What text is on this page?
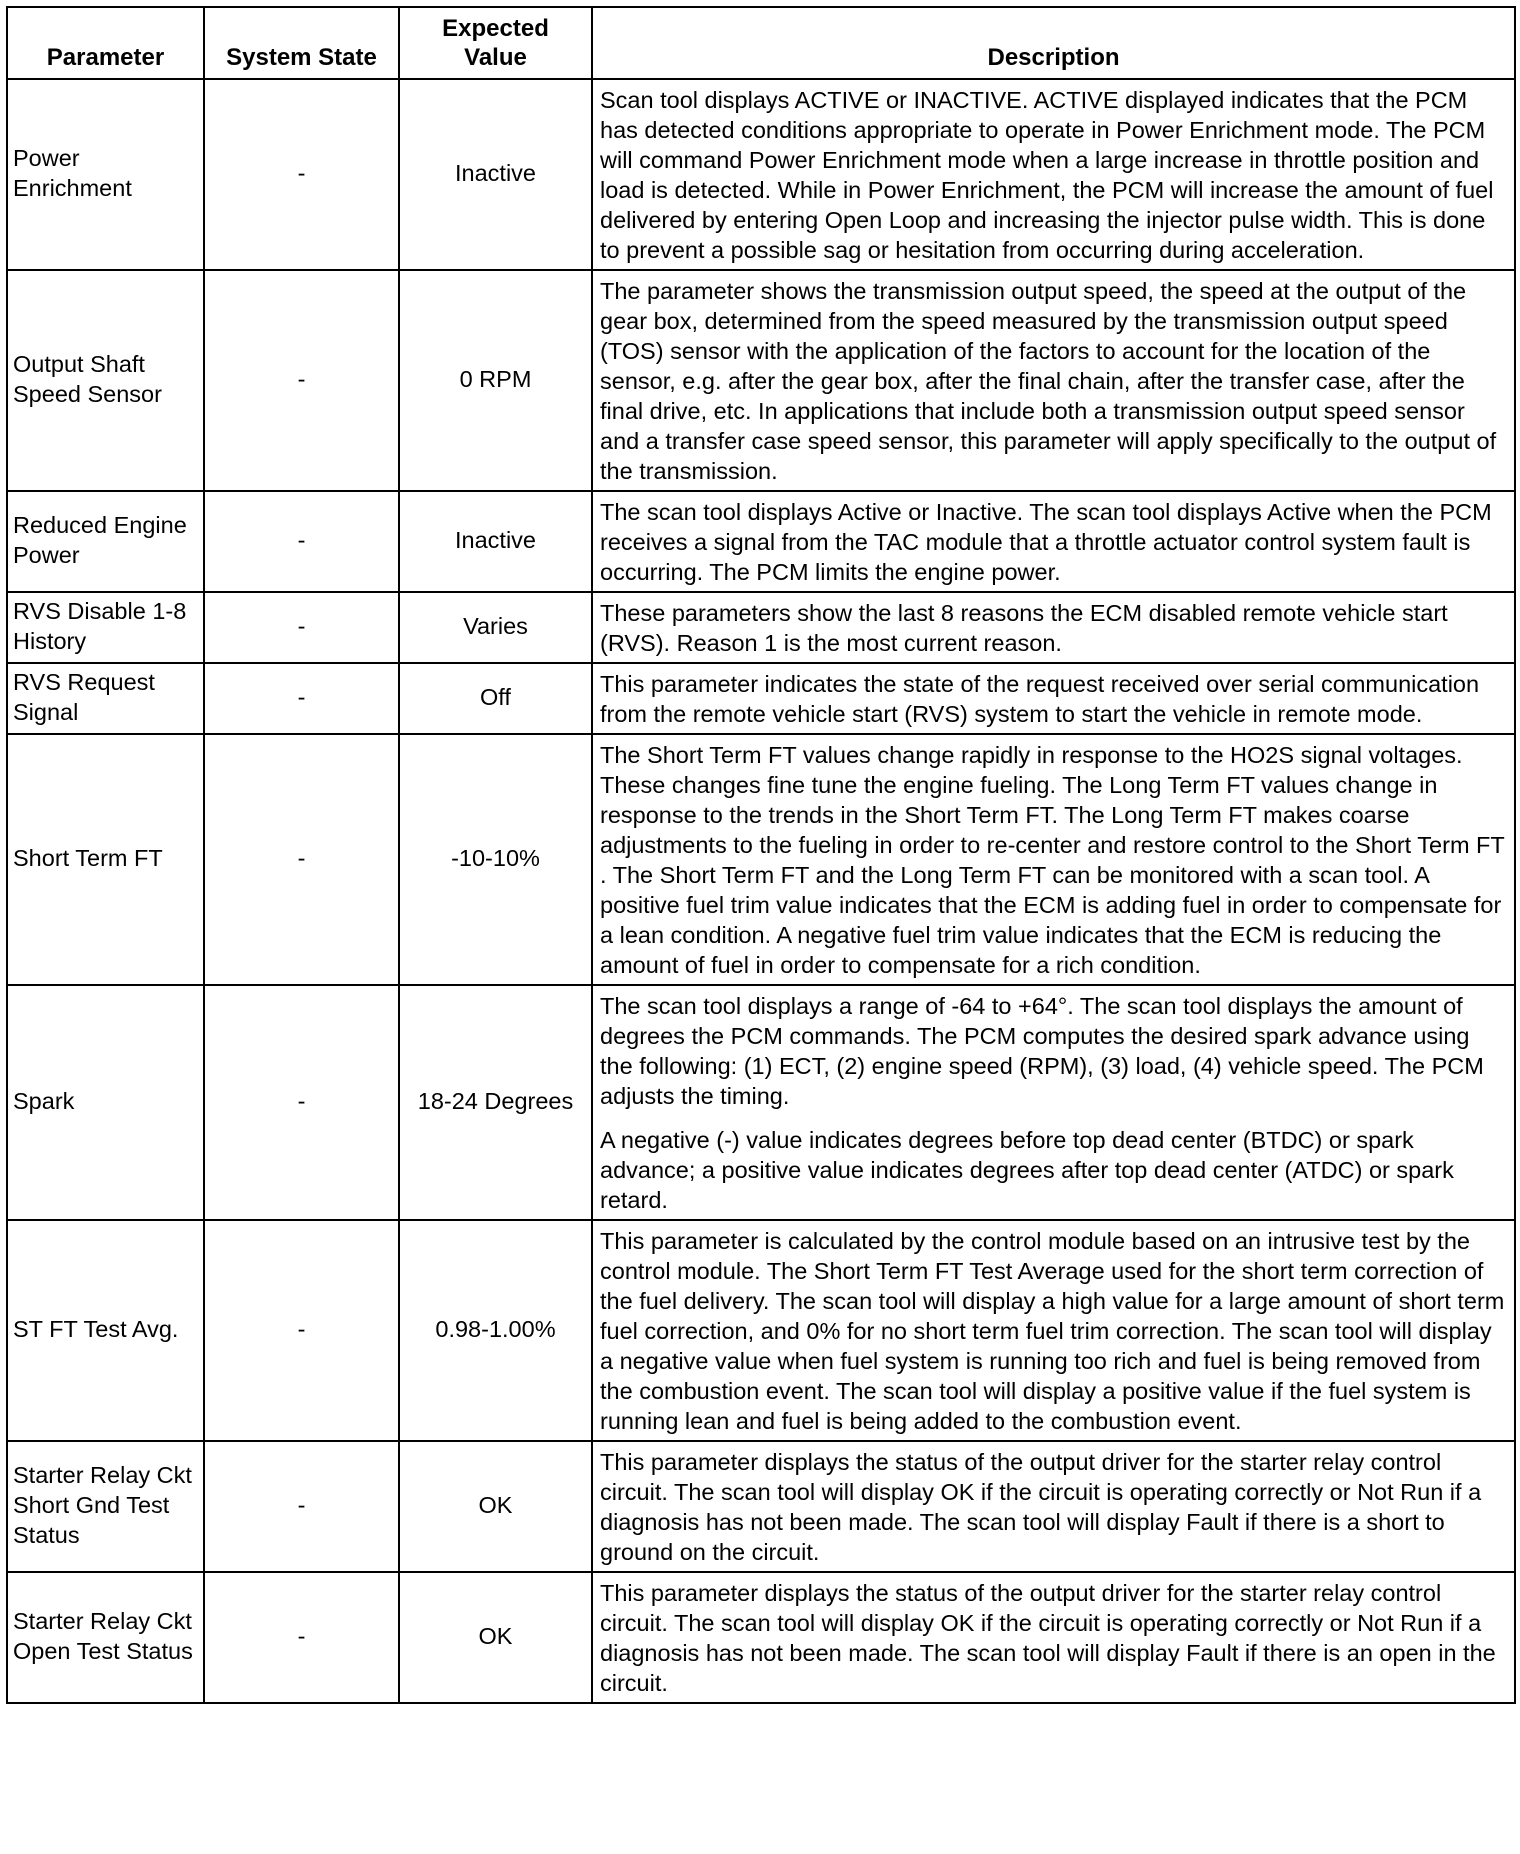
Parameter	System State	Expected Value	Description
Power Enrichment	-	Inactive	Scan tool displays ACTIVE or INACTIVE. ACTIVE displayed indicates that the PCM has detected conditions appropriate to operate in Power Enrichment mode. The PCM will command Power Enrichment mode when a large increase in throttle position and load is detected. While in Power Enrichment, the PCM will increase the amount of fuel delivered by entering Open Loop and increasing the injector pulse width. This is done to prevent a possible sag or hesitation from occurring during acceleration.

Output Shaft Speed Sensor	-	0 RPM	The parameter shows the transmission output speed, the speed at the output of the gear box, determined from the speed measured by the transmission output speed (TOS) sensor with the application of the factors to account for the location of the sensor, e.g. after the gear box, after the final chain, after the transfer case, after the final drive, etc. In applications that include both a transmission output speed sensor and a transfer case speed sensor, this parameter will apply specifically to the output of the transmission.

Reduced Engine Power	-	Inactive	The scan tool displays Active or Inactive. The scan tool displays Active when the PCM receives a signal from the TAC module that a throttle actuator control system fault is occurring. The PCM limits the engine power.

RVS Disable 1-8 History	-	Varies	These parameters show the last 8 reasons the ECM disabled remote vehicle start (RVS). Reason 1 is the most current reason.

RVS Request Signal	-	Off	This parameter indicates the state of the request received over serial communication from the remote vehicle start (RVS) system to start the vehicle in remote mode.

Short Term FT	-	-10-10%	The Short Term FT values change rapidly in response to the HO2S signal voltages. These changes fine tune the engine fueling. The Long Term FT values change in response to the trends in the Short Term FT. The Long Term FT makes coarse adjustments to the fueling in order to re-center and restore control to the Short Term FT . The Short Term FT and the Long Term FT can be monitored with a scan tool. A positive fuel trim value indicates that the ECM is adding fuel in order to compensate for a lean condition. A negative fuel trim value indicates that the ECM is reducing the amount of fuel in order to compensate for a rich condition.

Spark	-	18-24 Degrees	The scan tool displays a range of -64 to +64°. The scan tool displays the amount of degrees the PCM commands. The PCM computes the desired spark advance using the following: (1) ECT, (2) engine speed (RPM), (3) load, (4) vehicle speed. The PCM adjusts the timing.

A negative (-) value indicates degrees before top dead center (BTDC) or spark advance; a positive value indicates degrees after top dead center (ATDC) or spark retard.

ST FT Test Avg.	-	0.98-1.00%	This parameter is calculated by the control module based on an intrusive test by the control module. The Short Term FT Test Average used for the short term correction of the fuel delivery. The scan tool will display a high value for a large amount of short term fuel correction, and 0% for no short term fuel trim correction. The scan tool will display a negative value when fuel system is running too rich and fuel is being removed from the combustion event. The scan tool will display a positive value if the fuel system is running lean and fuel is being added to the combustion event.

Starter Relay Ckt Short Gnd Test Status	-	OK	This parameter displays the status of the output driver for the starter relay control circuit. The scan tool will display OK if the circuit is operating correctly or Not Run if a diagnosis has not been made. The scan tool will display Fault if there is a short to ground on the circuit.

Starter Relay Ckt Open Test Status	-	OK	This parameter displays the status of the output driver for the starter relay control circuit. The scan tool will display OK if the circuit is operating correctly or Not Run if a diagnosis has not been made. The scan tool will display Fault if there is an open in the circuit.
